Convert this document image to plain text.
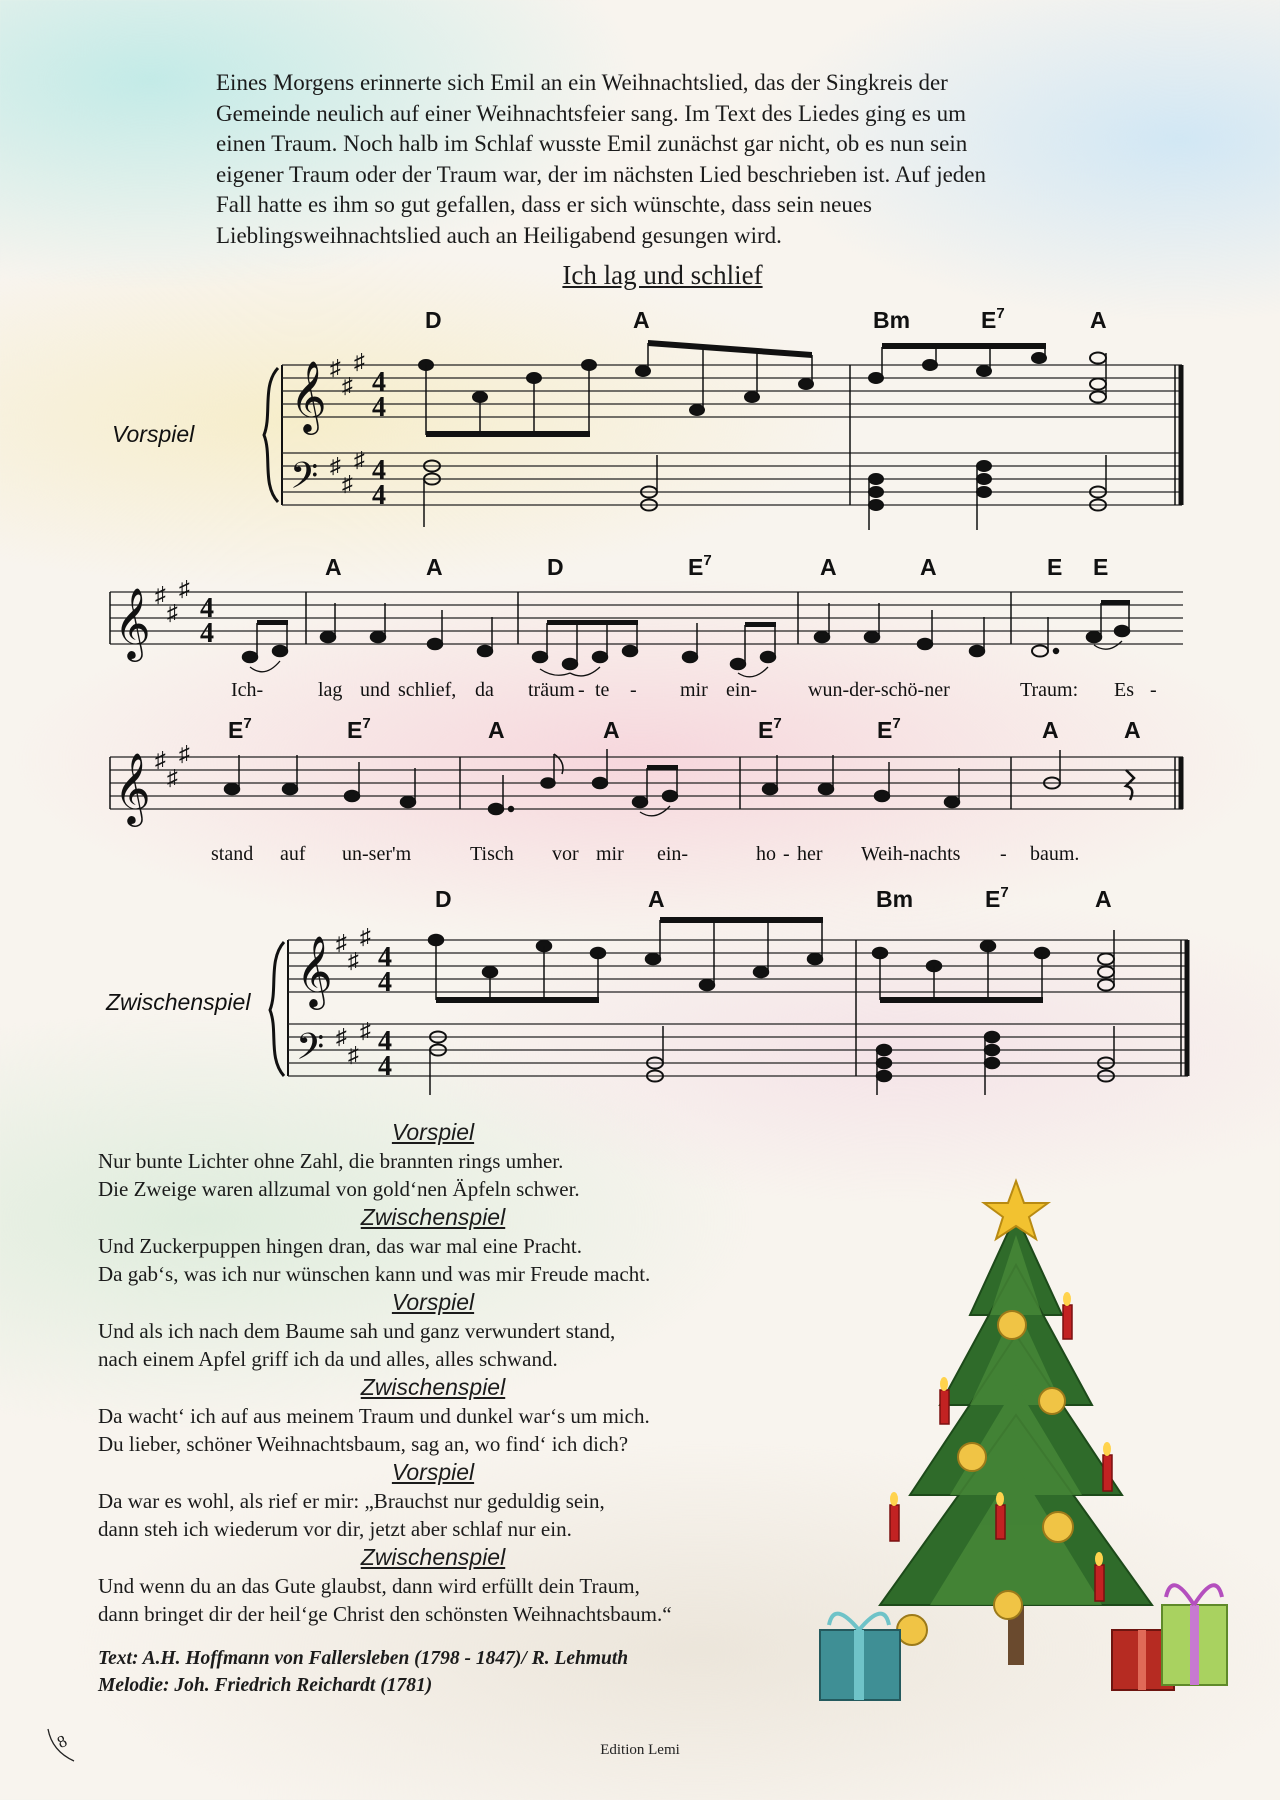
Eines Morgens erinnerte sich Emil an ein Weihnachtslied, das der Singkreis der

Gemeinde neulich auf einer Weihnachtsfeier sang. Im Text des Liedes ging es um

einen Traum. Noch halb im Schlaf wusste Emil zunächst gar nicht, ob es nun sein

eigener Traum oder der Traum war, der im nächsten Lied beschrieben ist. Auf jeden

Fall hatte es ihm so gut gefallen, dass er sich wünschte, dass sein neues

Lieblingsweihnachtslied auch an Heiligabend gesungen wird.

Ich lag und schlief
D	A	Bm	$E^7$	A
Vorspiel
𝄞
𝄢
♯
♯
♯
♯
♯
♯
4
4
4
4
A	A	D	$E^7$	A	A	E E
𝄞 ♯
♯
♯
4
4
Ich-	lag und schlief, da träum - te - mir ein-	wun-der-schö-ner	Traum: Es -
$E^7$	$E^7$	A	A	$E^7$	$E^7$	A	A
𝄞 ♯
♯
♯
stand auf un-ser'm	Tisch vor mir ein-	ho - her Weih-nachts - baum.
D	A	Bm	$E^7$	A
Zwischenspiel 𝄞
𝄢
♯
♯
♯
♯
♯
♯
4
4
4
4
Vorspiel
Nur bunte Lichter ohne Zahl, die brannten rings umher.
Die Zweige waren allzumal von gold‘nen Äpfeln schwer.
Zwischenspiel
Und Zuckerpuppen hingen dran, das war mal eine Pracht.
Da gab‘s, was ich nur wünschen kann und was mir Freude macht.
Vorspiel
Und als ich nach dem Baume sah und ganz verwundert stand,
nach einem Apfel griff ich da und alles, alles schwand.
Zwischenspiel
Da wacht‘ ich auf aus meinem Traum und dunkel war‘s um mich.
Du lieber, schöner Weihnachtsbaum, sag an, wo find‘ ich dich?
Vorspiel
Da war es wohl, als rief er mir: „Brauchst nur geduldig sein,
dann steh ich wiederum vor dir, jetzt aber schlaf nur ein.
Zwischenspiel
Und wenn du an das Gute glaubst, dann wird erfüllt dein Traum,
dann bringet dir der heil‘ge Christ den schönsten Weihnachtsbaum.“
Text: A.H. Hoffmann von Fallersleben (1798 - 1847)/ R. Lehmuth
Melodie: Joh. Friedrich Reichardt (1781)
8	Edition Lemi
